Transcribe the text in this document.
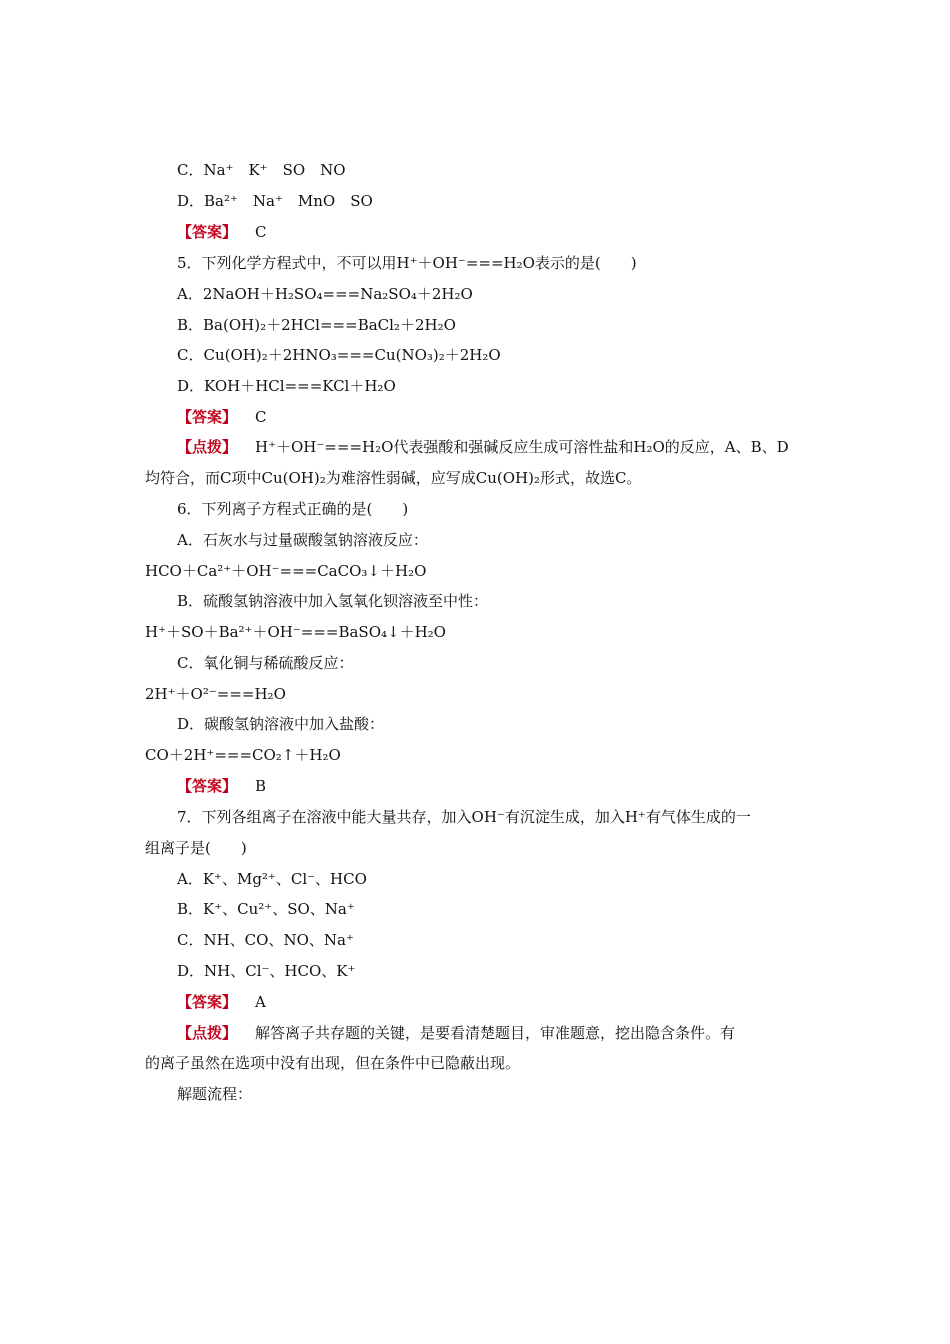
C．Na⁺　K⁺　SO　NO
D．Ba²⁺　Na⁺　MnO　SO
【答案】 C
5．下列化学方程式中，不可以用H⁺＋OH⁻===H₂O表示的是(　　)
A．2NaOH＋H₂SO₄===Na₂SO₄＋2H₂O
B．Ba(OH)₂＋2HCl===BaCl₂＋2H₂O
C．Cu(OH)₂＋2HNO₃===Cu(NO₃)₂＋2H₂O
D．KOH＋HCl===KCl＋H₂O
【答案】 C
【点拨】 H⁺＋OH⁻===H₂O代表强酸和强碱反应生成可溶性盐和H₂O的反应，A、B、D
均符合，而C项中Cu(OH)₂为难溶性弱碱，应写成Cu(OH)₂形式，故选C。
6．下列离子方程式正确的是(　　)
A．石灰水与过量碳酸氢钠溶液反应：
HCO＋Ca²⁺＋OH⁻===CaCO₃↓＋H₂O
B．硫酸氢钠溶液中加入氢氧化钡溶液至中性：
H⁺＋SO＋Ba²⁺＋OH⁻===BaSO₄↓＋H₂O
C．氧化铜与稀硫酸反应：
2H⁺＋O²⁻===H₂O
D．碳酸氢钠溶液中加入盐酸：
CO＋2H⁺===CO₂↑＋H₂O
【答案】 B
7．下列各组离子在溶液中能大量共存，加入OH⁻有沉淀生成，加入H⁺有气体生成的一
组离子是(　　)
A．K⁺、Mg²⁺、Cl⁻、HCO
B．K⁺、Cu²⁺、SO、Na⁺
C．NH、CO、NO、Na⁺
D．NH、Cl⁻、HCO、K⁺
【答案】 A
【点拨】 解答离子共存题的关键，是要看清楚题目，审准题意，挖出隐含条件。有
的离子虽然在选项中没有出现，但在条件中已隐蔽出现。
解题流程：
